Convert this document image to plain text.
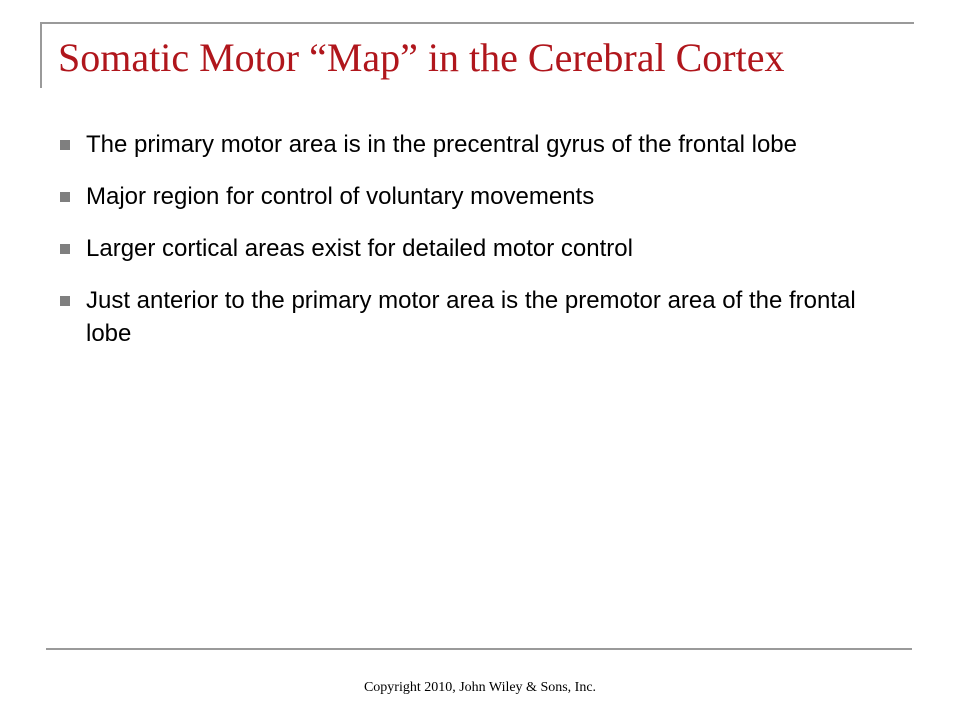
Somatic Motor “Map” in the Cerebral Cortex
The primary motor area is in the precentral gyrus of the frontal lobe
Major region for control of voluntary movements
Larger cortical areas exist for detailed motor control
Just anterior to the primary motor area is the premotor area of the frontal lobe
Copyright 2010, John Wiley & Sons, Inc.
